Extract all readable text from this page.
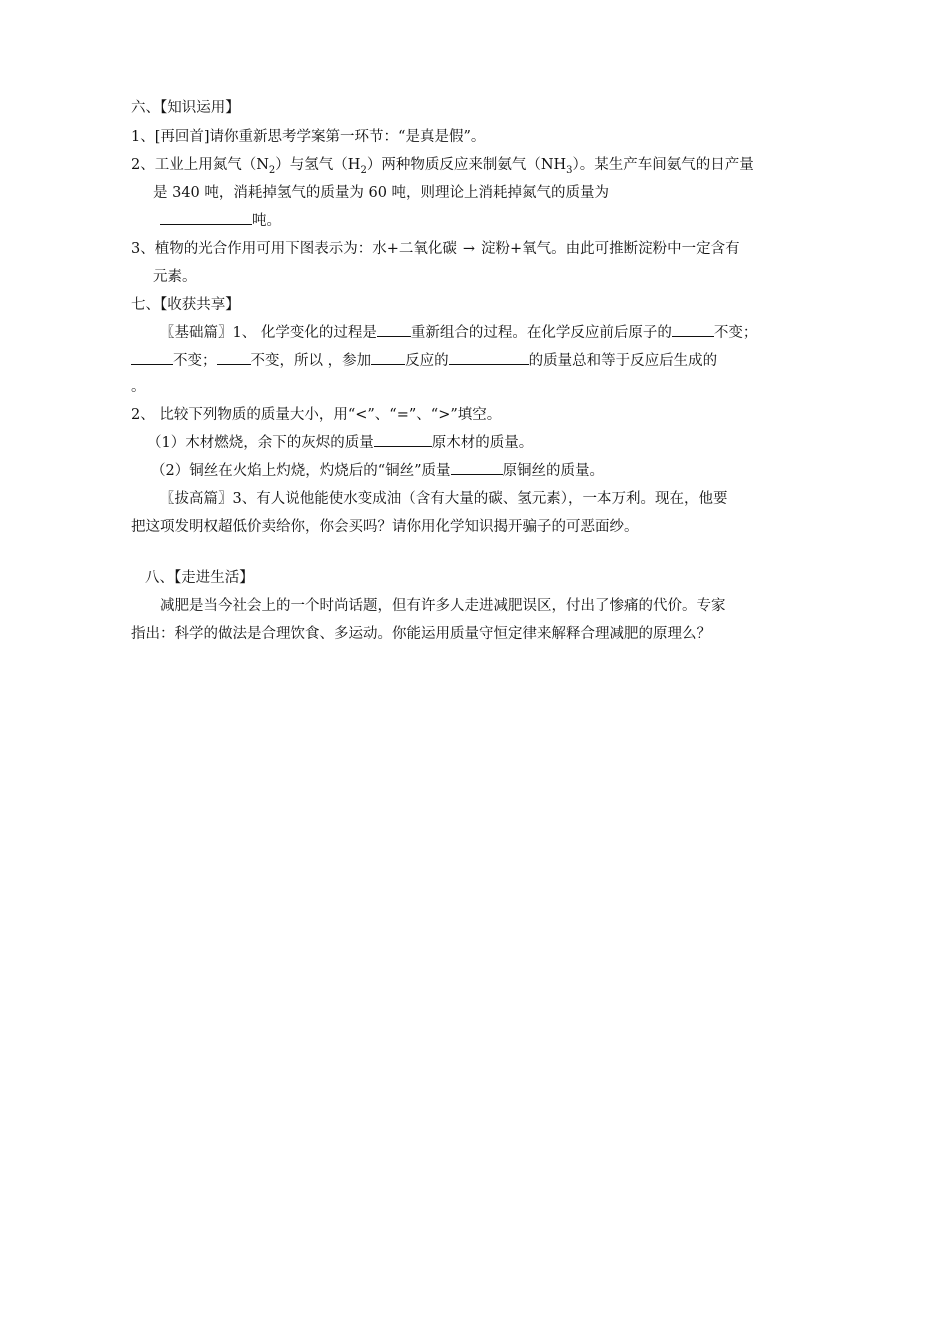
六、【知识运用】
1、[再回首]请你重新思考学案第一环节：“是真是假”。
2、工业上用氮气$(N_2)$与氢气$(H_2)$两种物质反应来制氨气$(NH_3)$。某生产车间氨气的日产量
是 340 吨，消耗掉氢气的质量为 60 吨，则理论上消耗掉氮气的质量为
吨。
3、植物的光合作用可用下图表示为：水+二氧化碳 → 淀粉+氧气。由此可推断淀粉中一定含有
元素。
七、【收获共享】
〖基础篇〗1、 化学变化的过程是 重新组合的过程。在化学反应前后原子的	不变；
不变； 不变，所以 ，参加 反应的	的质量总和等于反应后生成的
。
2、 比较下列物质的质量大小，用“<”、“=”、“>”填空。
（1）木材燃烧，余下的灰烬的质量	原木材的质量。
（2）铜丝在火焰上灼烧，灼烧后的“铜丝”质量	原铜丝的质量。
〖拔高篇〗3、有人说他能使水变成油（含有大量的碳、氢元素），一本万利。现在，他要
把这项发明权超低价卖给你，你会买吗？请你用化学知识揭开骗子的可恶面纱。
八、【走进生活】
减肥是当今社会上的一个时尚话题，但有许多人走进减肥误区，付出了惨痛的代价。专家
指出：科学的做法是合理饮食、多运动。你能运用质量守恒定律来解释合理减肥的原理么？
